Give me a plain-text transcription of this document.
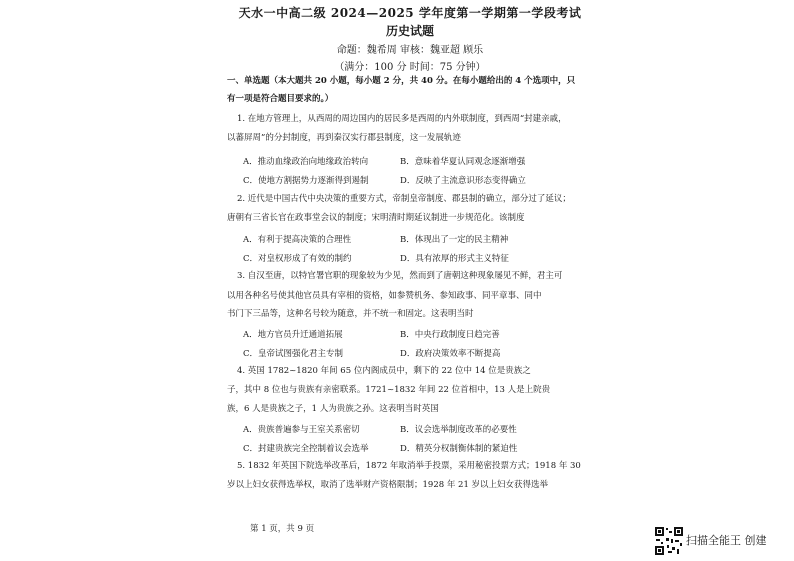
天水一中高二级 2024—2025 学年度第一学期第一学段考试
历史试题
命题：魏希周 审核：魏亚超 顾乐
（满分：100 分 时间：75 分钟）
一、单选题（本大题共 20 小题，每小题 2 分，共 40 分。在每小题给出的 4 个选项中，只
有一项是符合题目要求的。）
1. 在地方管理上，从西周的周边国内的居民多是西周的内外联制度，到西周“封建亲戚，
以蕃屏周”的分封制度，再到秦汉实行郡县制度，这一发展轨迹
A．推动血缘政治向地缘政治转向	B．意味着华夏认同观念逐渐增强
C．使地方割据势力逐渐得到遏制	D．反映了主流意识形态变得确立
2. 近代是中国古代中央决策的重要方式，帝制皇帝制度、郡县制的确立，部分过了延议；
唐朝有三省长官在政事堂会议的制度；宋明清时期延议制进一步规范化。该制度
A．有利于提高决策的合理性	B．体现出了一定的民主精神
C．对皇权形成了有效的制约	D．具有浓厚的形式主义特征
3. 自汉至唐，以特官署官职的现象较为少见，然而到了唐朝这种现象屡见不鲜，君主可
以用各种名号使其他官员具有宰相的资格，如参赞机务、参知政事、同平章事、同中
书门下三品等，这种名号较为随意，并不统一和固定。这表明当时
A．地方官员升迁通道拓展	B．中央行政制度日趋完善
C．皇帝试图强化君主专制	D．政府决策效率不断提高
4. 英国 1782~1820 年间 65 位内阁成员中，剩下的 22 位中 14 位是贵族之
子，其中 8 位也与贵族有亲密联系。1721~1832 年间 22 位首相中，13 人是上院贵
族，6 人是贵族之子，1 人为贵族之孙。这表明当时英国
A．贵族普遍参与王室关系密切	B．议会选举制度改革的必要性
C．封建贵族完全控制着议会选举	D．精英分权制衡体制的紧迫性
5. 1832 年英国下院选举改革后，1872 年取消举手投票，采用秘密投票方式；1918 年 30
岁以上妇女获得选举权，取消了选举财产资格限制；1928 年 21 岁以上妇女获得选举
第 1 页，共 9 页
扫描全能王 创建
